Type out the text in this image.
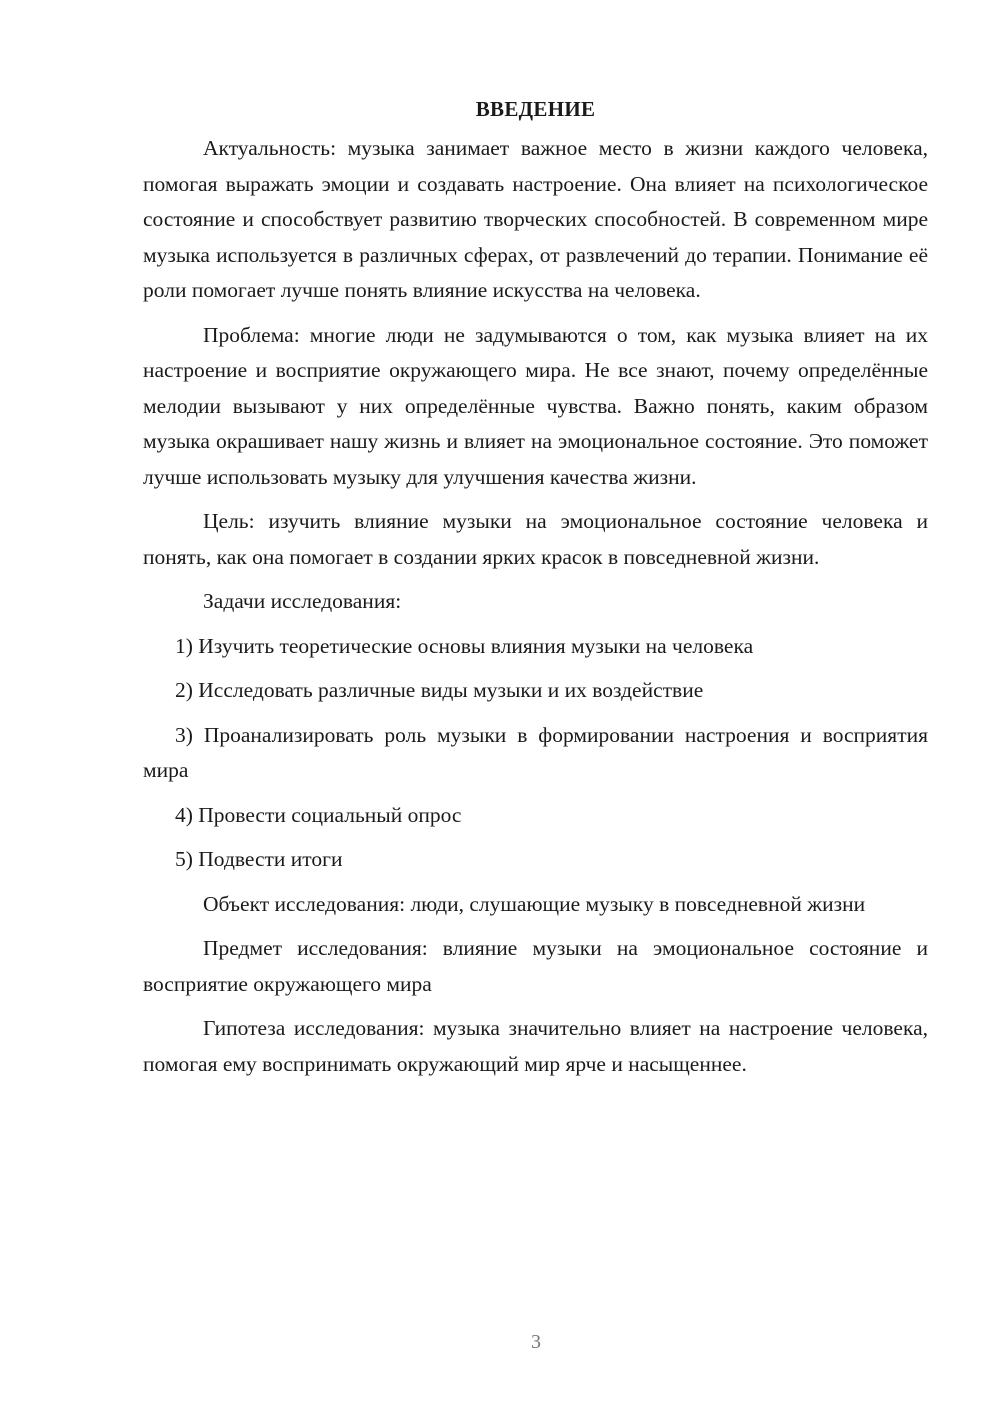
ВВЕДЕНИЕ

Актуальность: музыка занимает важное место в жизни каждого человека, помогая выражать эмоции и создавать настроение. Она влияет на психологическое состояние и способствует развитию творческих способностей. В современном мире музыка используется в различных сферах, от развлечений до терапии. Понимание её роли помогает лучше понять влияние искусства на человека.

Проблема: многие люди не задумываются о том, как музыка влияет на их настроение и восприятие окружающего мира. Не все знают, почему определённые мелодии вызывают у них определённые чувства. Важно понять, каким образом музыка окрашивает нашу жизнь и влияет на эмоциональное состояние. Это поможет лучше использовать музыку для улучшения качества жизни.

Цель: изучить влияние музыки на эмоциональное состояние человека и понять, как она помогает в создании ярких красок в повседневной жизни.

Задачи исследования:

1) Изучить теоретические основы влияния музыки на человека

2) Исследовать различные виды музыки и их воздействие

3) Проанализировать роль музыки в формировании настроения и восприятия мира

4) Провести социальный опрос

5) Подвести итоги

Объект исследования: люди, слушающие музыку в повседневной жизни

Предмет исследования: влияние музыки на эмоциональное состояние и восприятие окружающего мира

Гипотеза исследования: музыка значительно влияет на настроение человека, помогая ему воспринимать окружающий мир ярче и насыщеннее.

3
